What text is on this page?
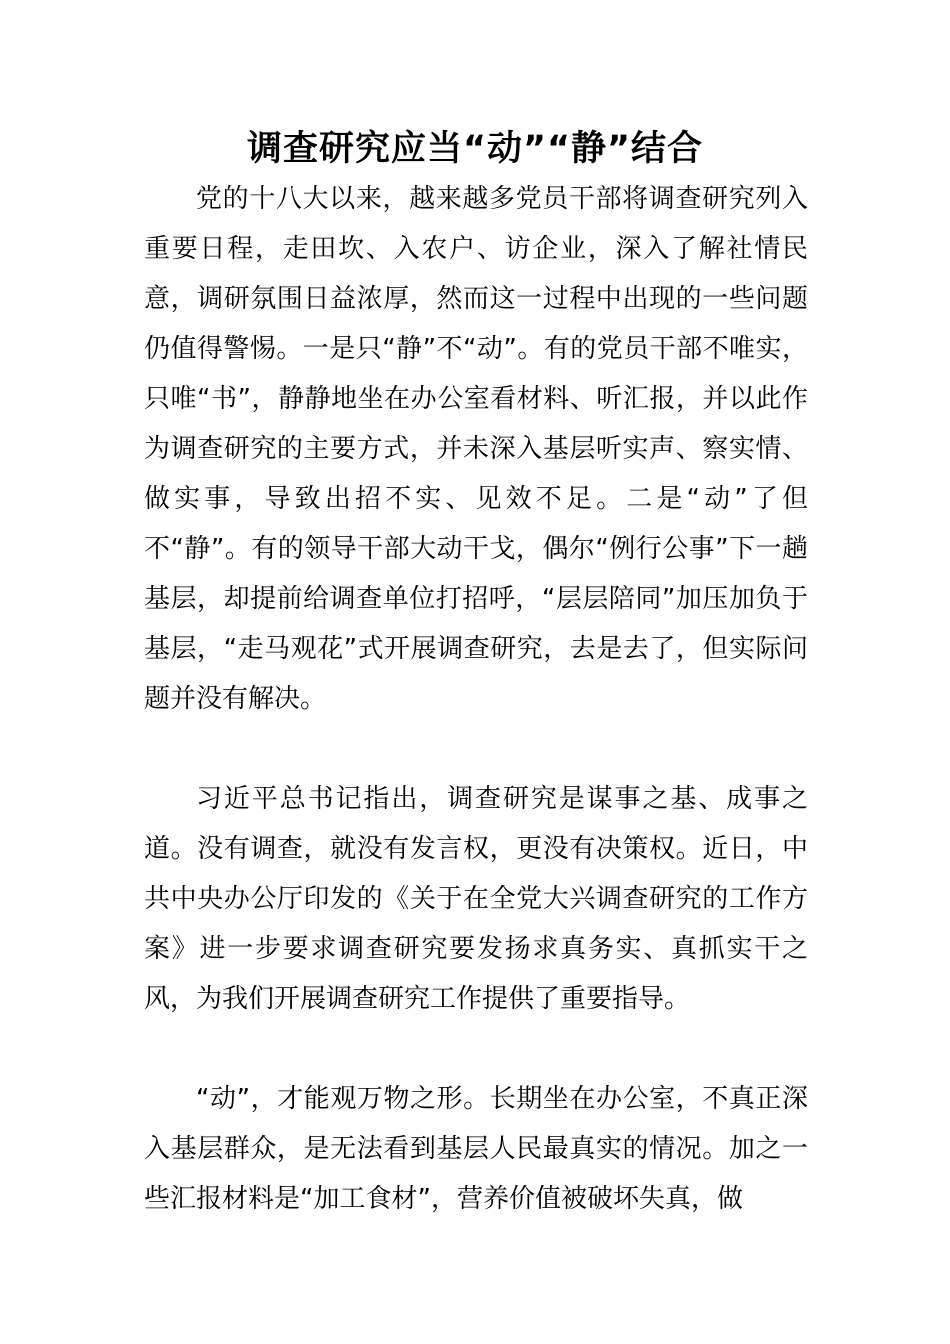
调查研究应当“动”“静”结合

党的十八大以来，越来越多党员干部将调查研究列入重要日程，走田坎、入农户、访企业，深入了解社情民意，调研氛围日益浓厚，然而这一过程中出现的一些问题仍值得警惕。一是只“静”不“动”。有的党员干部不唯实，只唯“书”，静静地坐在办公室看材料、听汇报，并以此作为调查研究的主要方式，并未深入基层听实声、察实情、做实事，导致出招不实、见效不足。二是“动”了但不“静”。有的领导干部大动干戈，偶尔“例行公事”下一趟基层，却提前给调查单位打招呼，“层层陪同”加压加负于基层，“走马观花”式开展调查研究，去是去了，但实际问题并没有解决。

习近平总书记指出，调查研究是谋事之基、成事之道。没有调查，就没有发言权，更没有决策权。近日，中共中央办公厅印发的《关于在全党大兴调查研究的工作方案》进一步要求调查研究要发扬求真务实、真抓实干之风，为我们开展调查研究工作提供了重要指导。

“动”，才能观万物之形。长期坐在办公室，不真正深入基层群众，是无法看到基层人民最真实的情况。加之一些汇报材料是“加工食材”，营养价值被破坏失真，做
